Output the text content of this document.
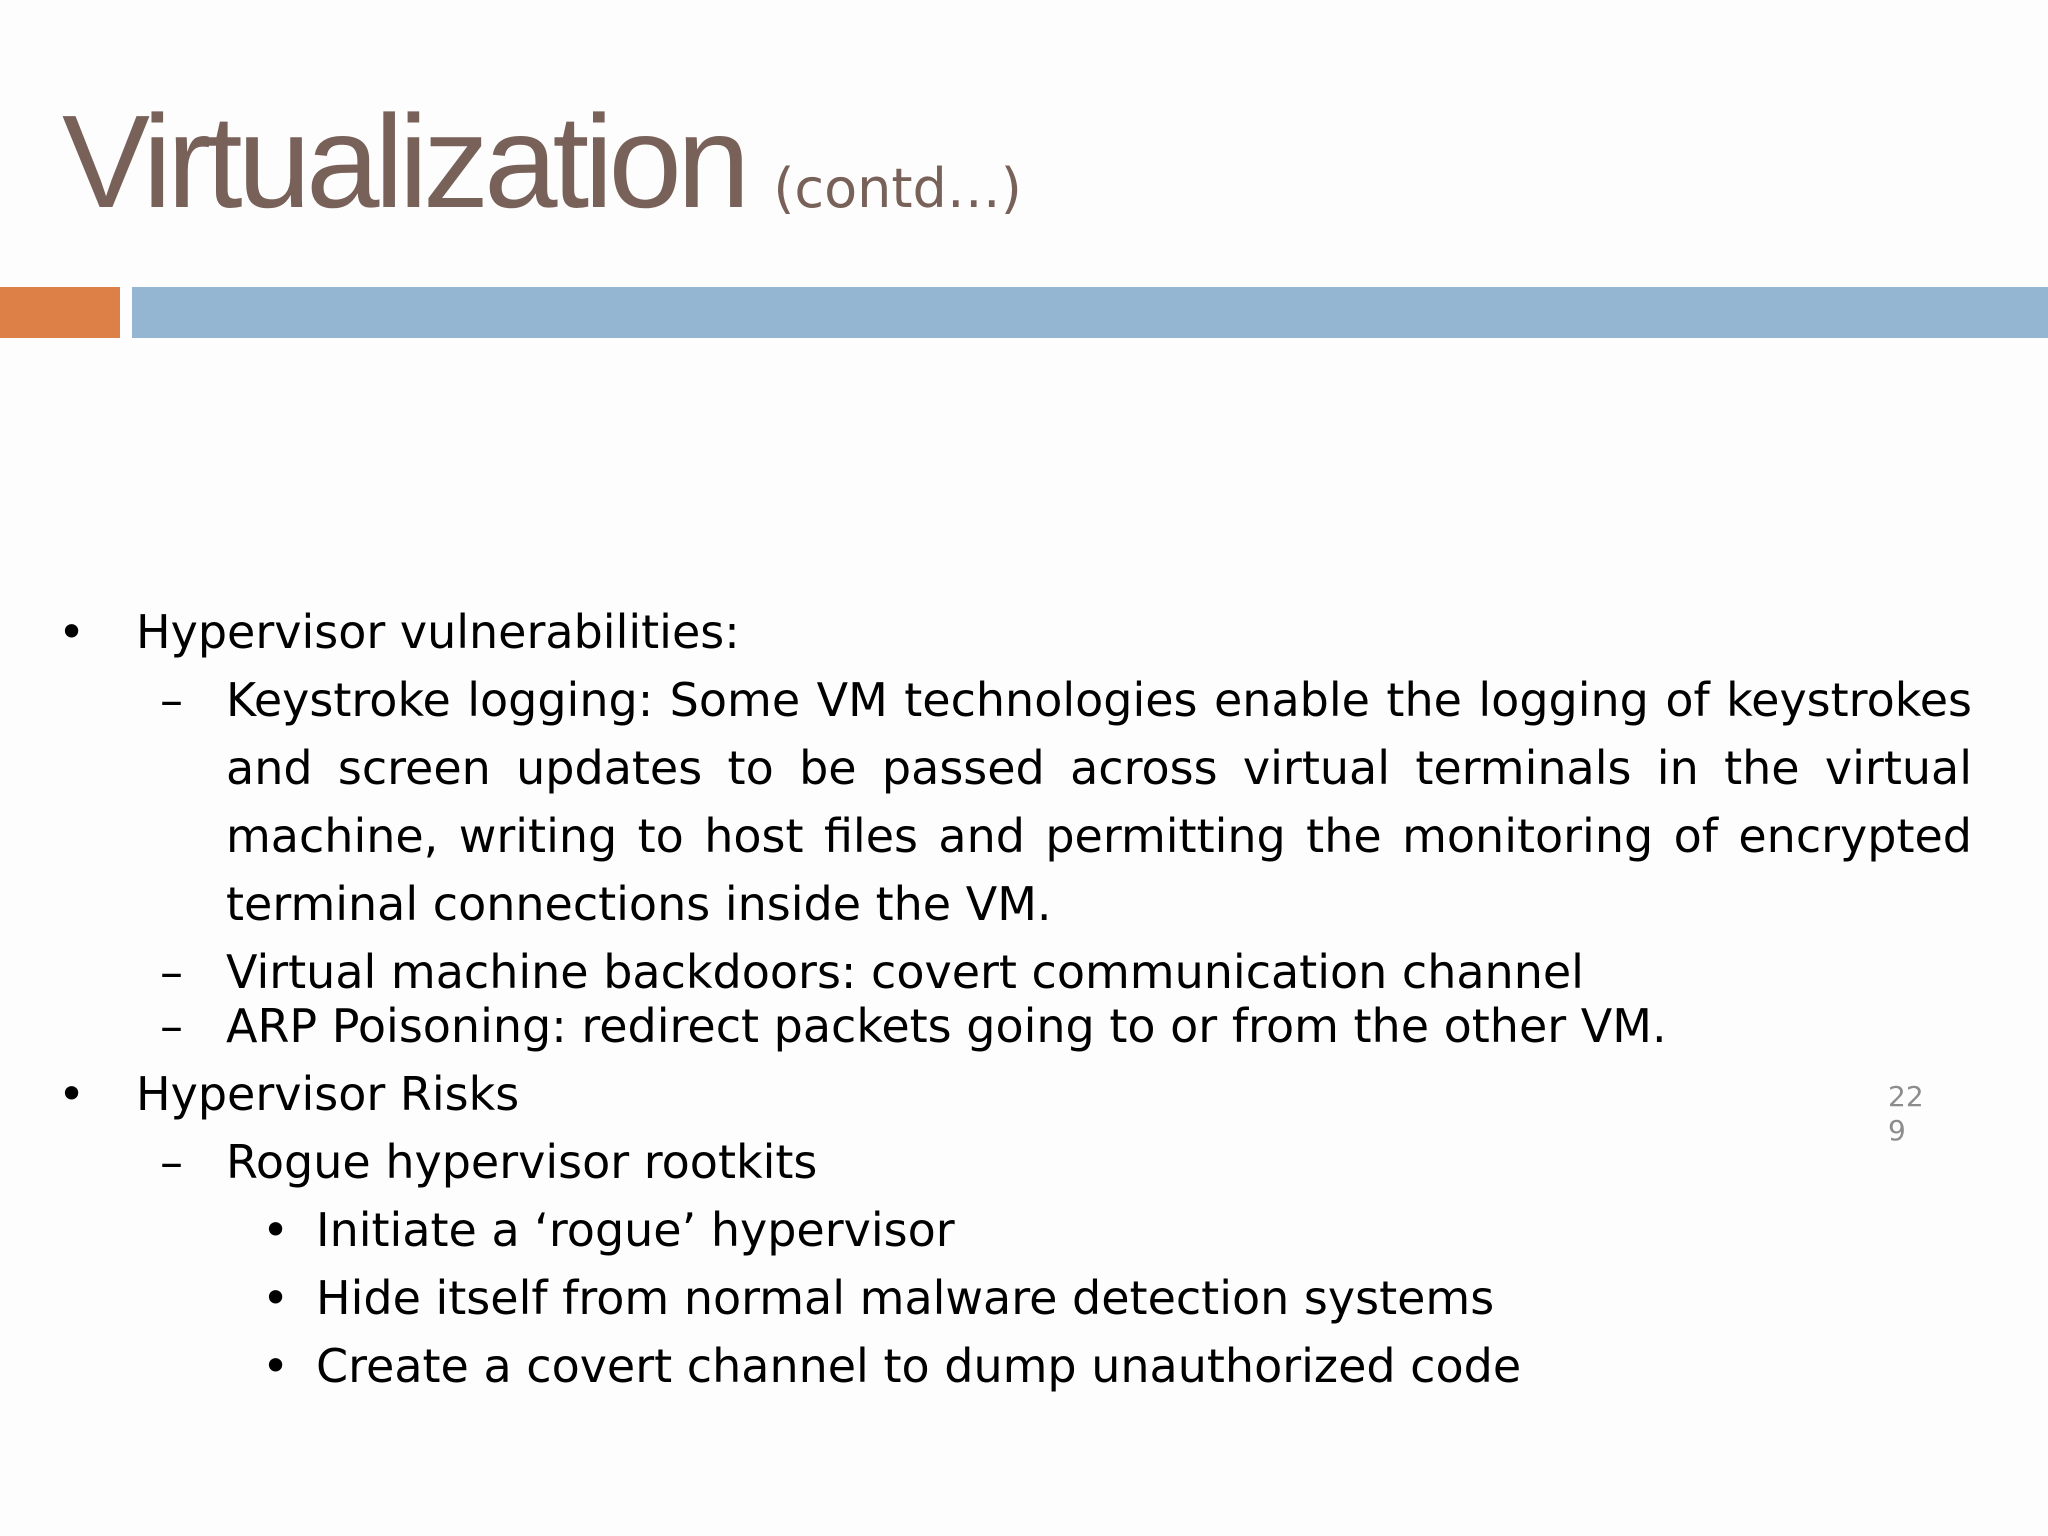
Virtualization (contd…)
• Hypervisor vulnerabilities:
– Keystroke logging: Some VM technologies enable the logging of keystrokes and screen updates to be passed across virtual terminals in the virtual machine, writing to host files and permitting the monitoring of encrypted terminal connections inside the VM.
– Virtual machine backdoors: covert communication channel
– ARP Poisoning: redirect packets going to or from the other VM.
• Hypervisor Risks
– Rogue hypervisor rootkits
• Initiate a ‘rogue’ hypervisor
• Hide itself from normal malware detection systems
• Create a covert channel to dump unauthorized code
22
9
